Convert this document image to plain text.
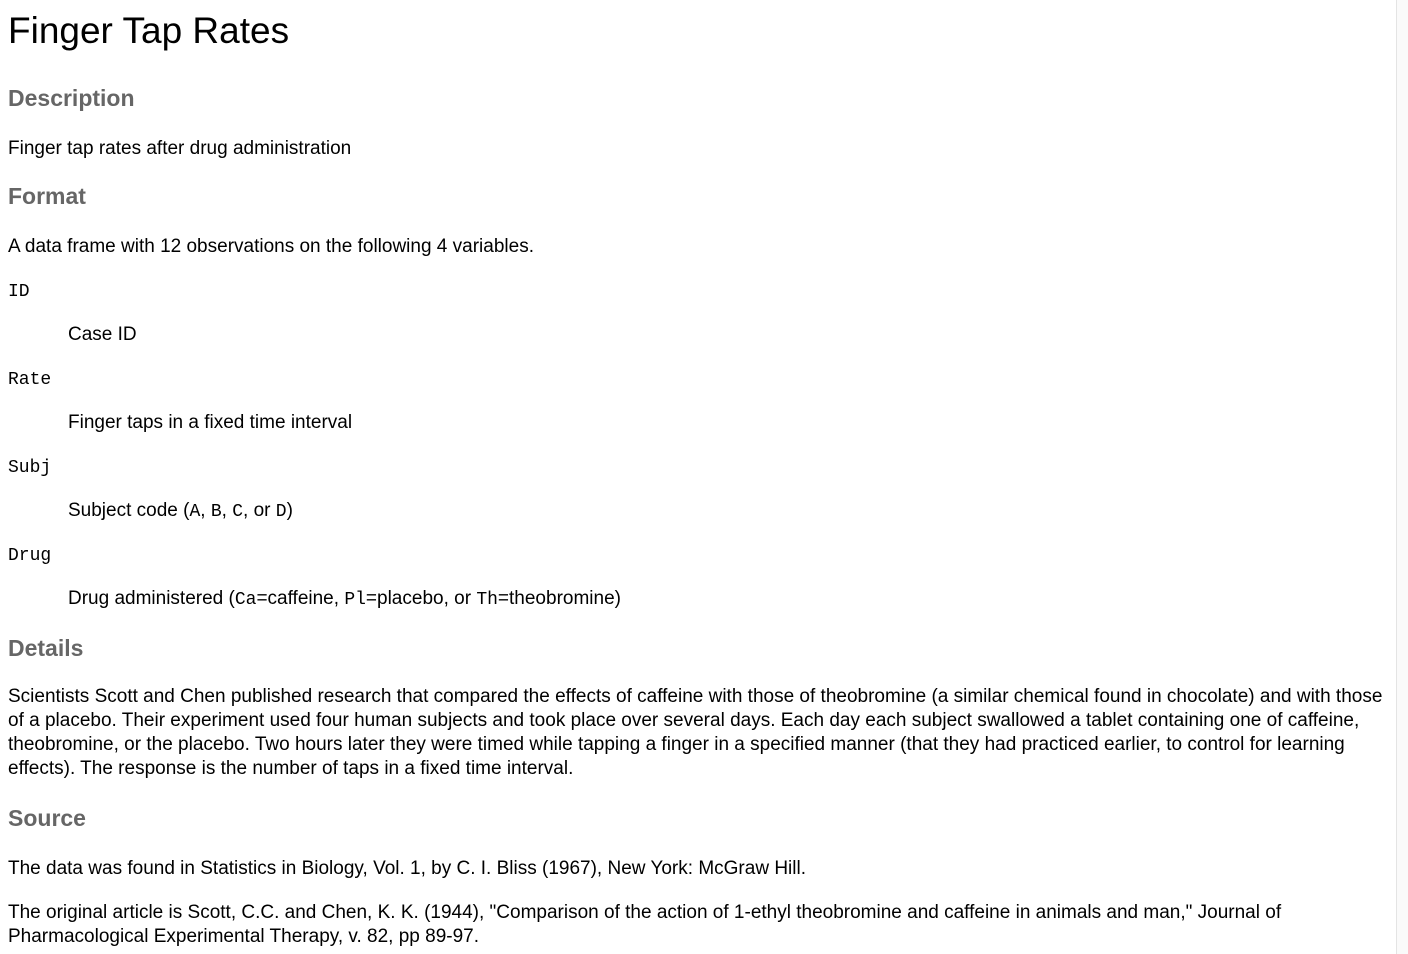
Finger Tap Rates
Description

Finger tap rates after drug administration

Format

A data frame with 12 observations on the following 4 variables.

ID
Case ID
Rate
Finger taps in a fixed time interval
Subj
Subject code (A, B, C, or D)
Drug
Drug administered (Ca=caffeine, Pl=placebo, or Th=theobromine)
Details

Scientists Scott and Chen published research that compared the effects of caffeine with those of theobromine (a similar chemical found in chocolate) and with those of a placebo. Their experiment used four human subjects and took place over several days. Each day each subject swallowed a tablet containing one of caffeine, theobromine, or the placebo. Two hours later they were timed while tapping a finger in a specified manner (that they had practiced earlier, to control for learning effects). The response is the number of taps in a fixed time interval.

Source

The data was found in Statistics in Biology, Vol. 1, by C. I. Bliss (1967), New York: McGraw Hill.

The original article is Scott, C.C. and Chen, K. K. (1944), "Comparison of the action of 1-ethyl theobromine and caffeine in animals and man," Journal of Pharmacological Experimental Therapy, v. 82, pp 89-97.
